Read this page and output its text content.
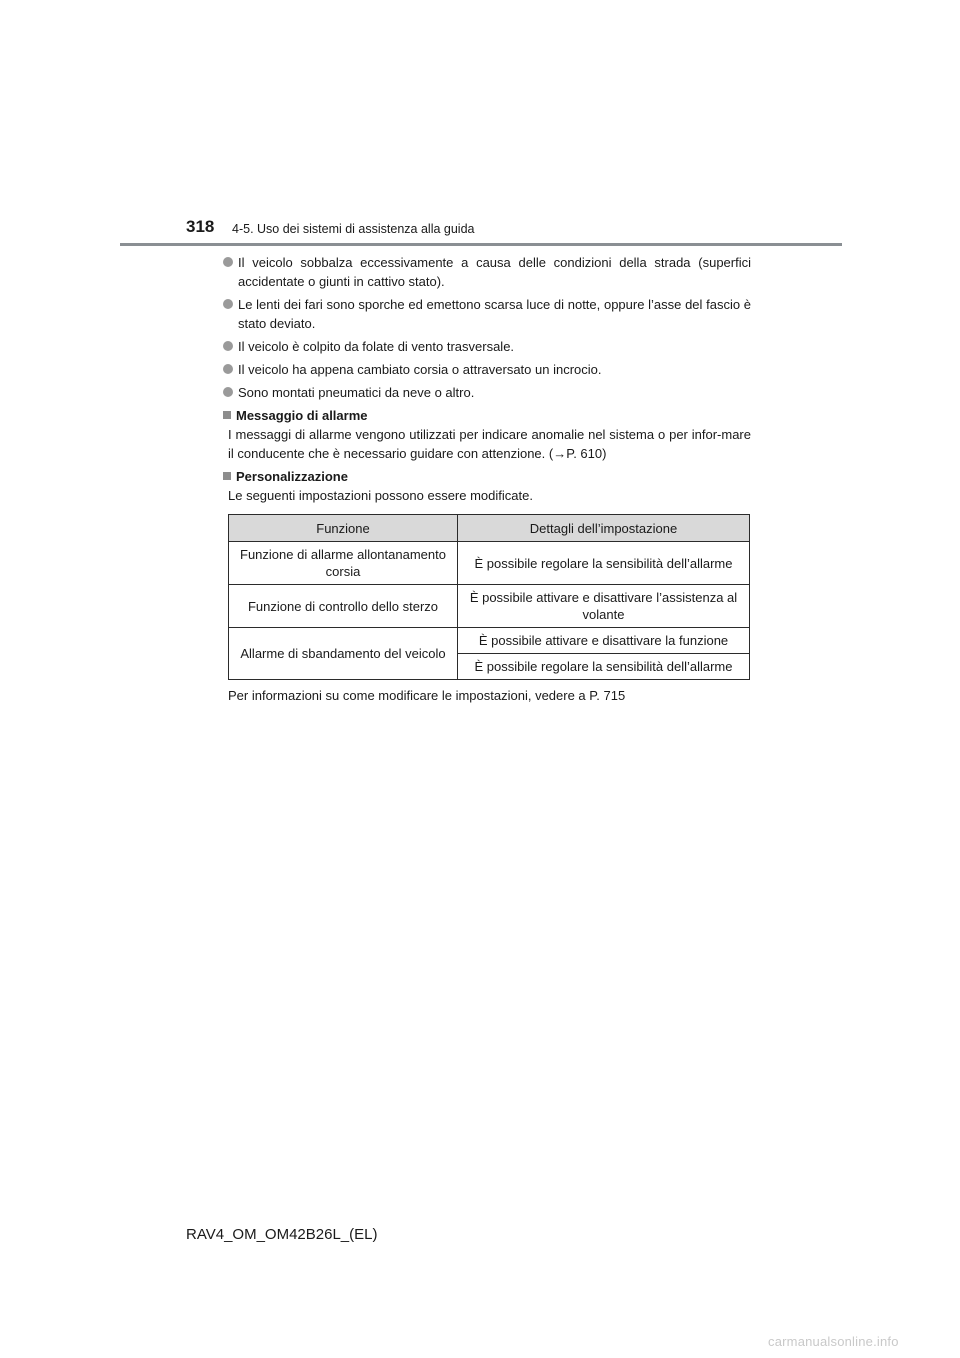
318 4-5. Uso dei sistemi di assistenza alla guida
Il veicolo sobbalza eccessivamente a causa delle condizioni della strada (superfici accidentate o giunti in cattivo stato).
Le lenti dei fari sono sporche ed emettono scarsa luce di notte, oppure l’asse del fascio è stato deviato.
Il veicolo è colpito da folate di vento trasversale.
Il veicolo ha appena cambiato corsia o attraversato un incrocio.
Sono montati pneumatici da neve o altro.
Messaggio di allarme
I messaggi di allarme vengono utilizzati per indicare anomalie nel sistema o per infor-mare il conducente che è necessario guidare con attenzione. (→P. 610)
Personalizzazione
Le seguenti impostazioni possono essere modificate.
Funzione	Dettagli dell’impostazione
Funzione di allarme allontanamento corsia	È possibile regolare la sensibilità dell’allarme
Funzione di controllo dello sterzo	È possibile attivare e disattivare l’assistenza al volante
Allarme di sbandamento del veicolo	È possibile attivare e disattivare la funzione
	È possibile regolare la sensibilità dell’allarme
Per informazioni su come modificare le impostazioni, vedere a P. 715
RAV4_OM_OM42B26L_(EL)
carmanualsonline.info
